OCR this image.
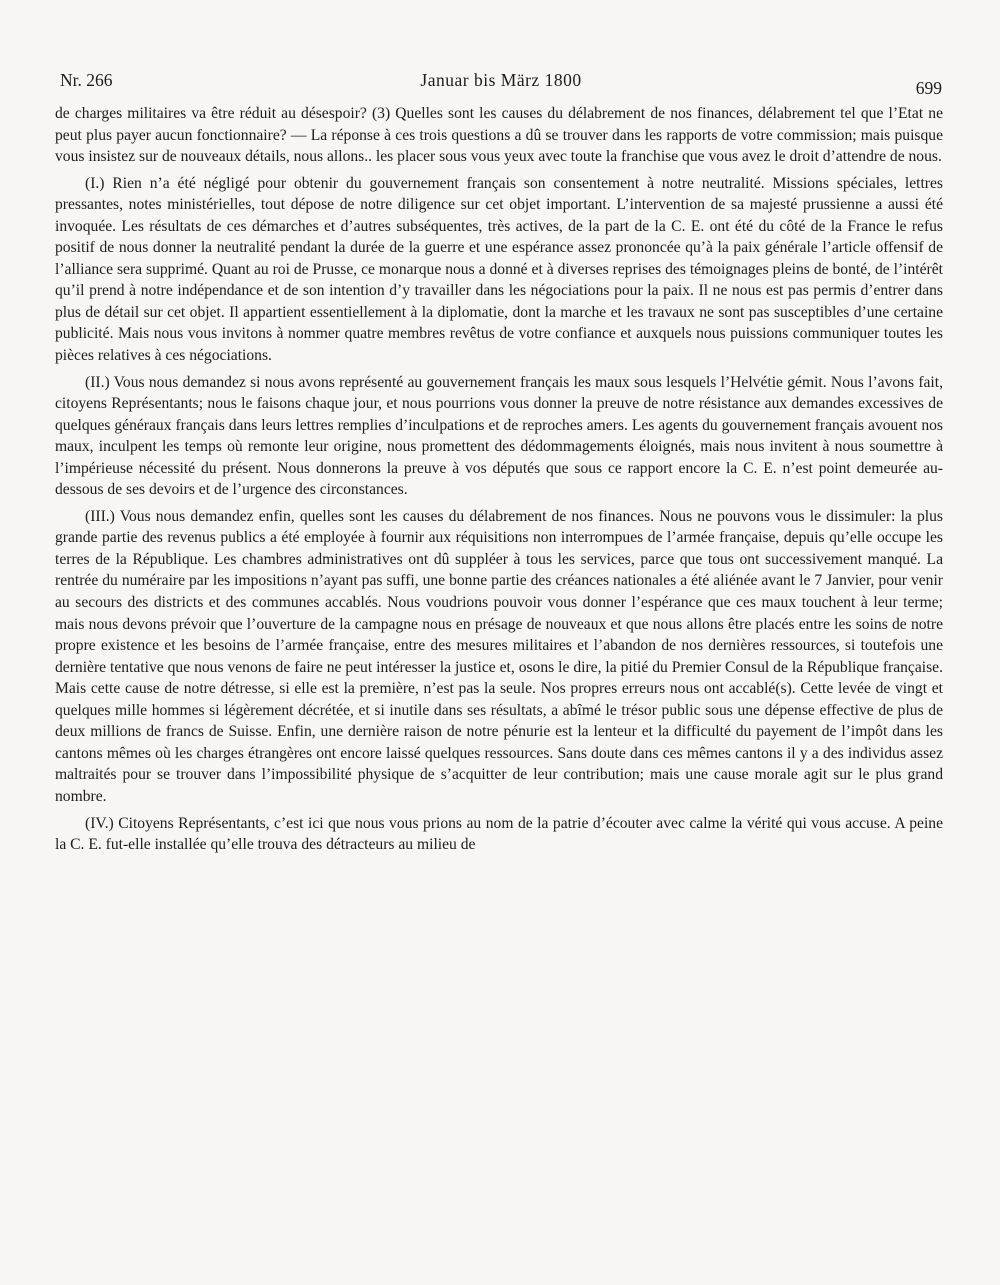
Nr. 266	Januar bis März 1800	699

de charges militaires va être réduit au désespoir? (3) Quelles sont les causes du délabrement de nos finances, délabrement tel que l’Etat ne peut plus payer aucun fonctionnaire? — La réponse à ces trois questions a dû se trouver dans les rapports de votre commission; mais puisque vous insistez sur de nouveaux détails, nous allons.. les placer sous vous yeux avec toute la franchise que vous avez le droit d’attendre de nous.

(I.) Rien n’a été négligé pour obtenir du gouvernement français son consentement à notre neutralité. Missions spéciales, lettres pressantes, notes ministérielles, tout dépose de notre diligence sur cet objet important. L’intervention de sa majesté prussienne a aussi été invoquée. Les résultats de ces démarches et d’autres subséquentes, très actives, de la part de la C. E. ont été du côté de la France le refus positif de nous donner la neutralité pendant la durée de la guerre et une espérance assez prononcée qu’à la paix générale l’article offensif de l’alliance sera supprimé. Quant au roi de Prusse, ce monarque nous a donné et à diverses reprises des témoignages pleins de bonté, de l’intérêt qu’il prend à notre indépendance et de son intention d’y travailler dans les négociations pour la paix. Il ne nous est pas permis d’entrer dans plus de détail sur cet objet. Il appartient essentiellement à la diplomatie, dont la marche et les travaux ne sont pas susceptibles d’une certaine publicité. Mais nous vous invitons à nommer quatre membres revêtus de votre confiance et auxquels nous puissions communiquer toutes les pièces relatives à ces négociations.

(II.) Vous nous demandez si nous avons représenté au gouvernement français les maux sous lesquels l’Helvétie gémit. Nous l’avons fait, citoyens Représentants; nous le faisons chaque jour, et nous pourrions vous donner la preuve de notre résistance aux demandes excessives de quelques généraux français dans leurs lettres remplies d’inculpations et de reproches amers. Les agents du gouvernement français avouent nos maux, inculpent les temps où remonte leur origine, nous promettent des dédommagements éloignés, mais nous invitent à nous soumettre à l’impérieuse nécessité du présent. Nous donnerons la preuve à vos députés que sous ce rapport encore la C. E. n’est point demeurée au-dessous de ses devoirs et de l’urgence des circonstances.

(III.) Vous nous demandez enfin, quelles sont les causes du délabrement de nos finances. Nous ne pouvons vous le dissimuler: la plus grande partie des revenus publics a été employée à fournir aux réquisitions non interrompues de l’armée française, depuis qu’elle occupe les terres de la République. Les chambres administratives ont dû suppléer à tous les services, parce que tous ont successivement manqué. La rentrée du numéraire par les impositions n’ayant pas suffi, une bonne partie des créances nationales a été aliénée avant le 7 Janvier, pour venir au secours des districts et des communes accablés. Nous voudrions pouvoir vous donner l’espérance que ces maux touchent à leur terme; mais nous devons prévoir que l’ouverture de la campagne nous en présage de nouveaux et que nous allons être placés entre les soins de notre propre existence et les besoins de l’armée française, entre des mesures militaires et l’abandon de nos dernières ressources, si toutefois une dernière tentative que nous venons de faire ne peut intéresser la justice et, osons le dire, la pitié du Premier Consul de la République française. Mais cette cause de notre détresse, si elle est la première, n’est pas la seule. Nos propres erreurs nous ont accablé(s). Cette levée de vingt et quelques mille hommes si légèrement décrétée, et si inutile dans ses résultats, a abîmé le trésor public sous une dépense effective de plus de deux millions de francs de Suisse. Enfin, une dernière raison de notre pénurie est la lenteur et la difficulté du payement de l’impôt dans les cantons mêmes où les charges étrangères ont encore laissé quelques ressources. Sans doute dans ces mêmes cantons il y a des individus assez maltraités pour se trouver dans l’impossibilité physique de s’acquitter de leur contribution; mais une cause morale agit sur le plus grand nombre.

(IV.) Citoyens Représentants, c’est ici que nous vous prions au nom de la patrie d’écouter avec calme la vérité qui vous accuse. A peine la C. E. fut-elle installée qu’elle trouva des détracteurs au milieu de
